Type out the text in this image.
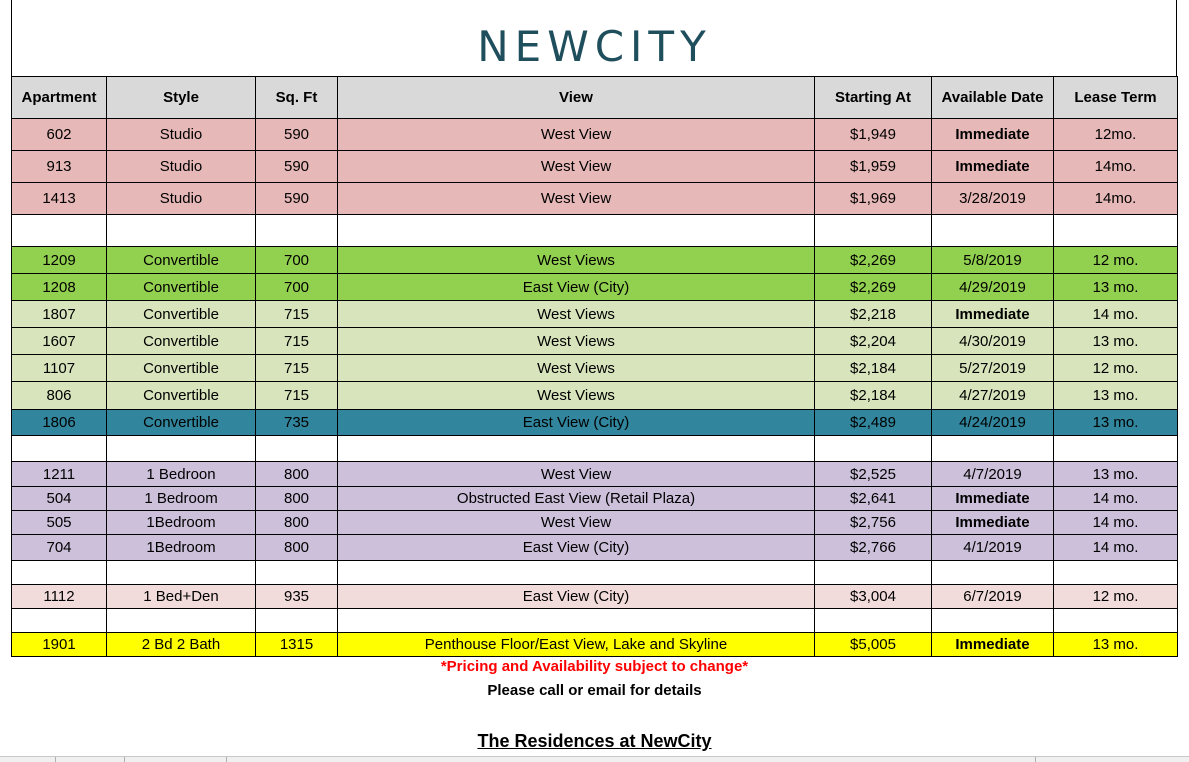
NEWCITY
Apartment	Style	Sq. Ft	View	Starting At	Available Date	Lease Term
602	Studio	590	West View	$1,949	Immediate	12mo.
913	Studio	590	West View	$1,959	Immediate	14mo.
1413	Studio	590	West View	$1,969	3/28/2019	14mo.

1209	Convertible	700	West Views	$2,269	5/8/2019	12 mo.
1208	Convertible	700	East View (City)	$2,269	4/29/2019	13 mo.
1807	Convertible	715	West Views	$2,218	Immediate	14 mo.
1607	Convertible	715	West Views	$2,204	4/30/2019	13 mo.
1107	Convertible	715	West Views	$2,184	5/27/2019	12 mo.
806	Convertible	715	West Views	$2,184	4/27/2019	13 mo.
1806	Convertible	735	East View (City)	$2,489	4/24/2019	13 mo.

1211	1 Bedroon	800	West View	$2,525	4/7/2019	13 mo.
504	1 Bedroom	800	Obstructed East View (Retail Plaza)	$2,641	Immediate	14 mo.
505	1Bedroom	800	West View	$2,756	Immediate	14 mo.
704	1Bedroom	800	East View (City)	$2,766	4/1/2019	14 mo.

1112	1 Bed+Den	935	East View (City)	$3,004	6/7/2019	12 mo.

1901	2 Bd 2 Bath	1315	Penthouse Floor/East View, Lake and Skyline	$5,005	Immediate	13 mo.
*Pricing and Availability subject to change*
Please call or email for details
The Residences at NewCity
